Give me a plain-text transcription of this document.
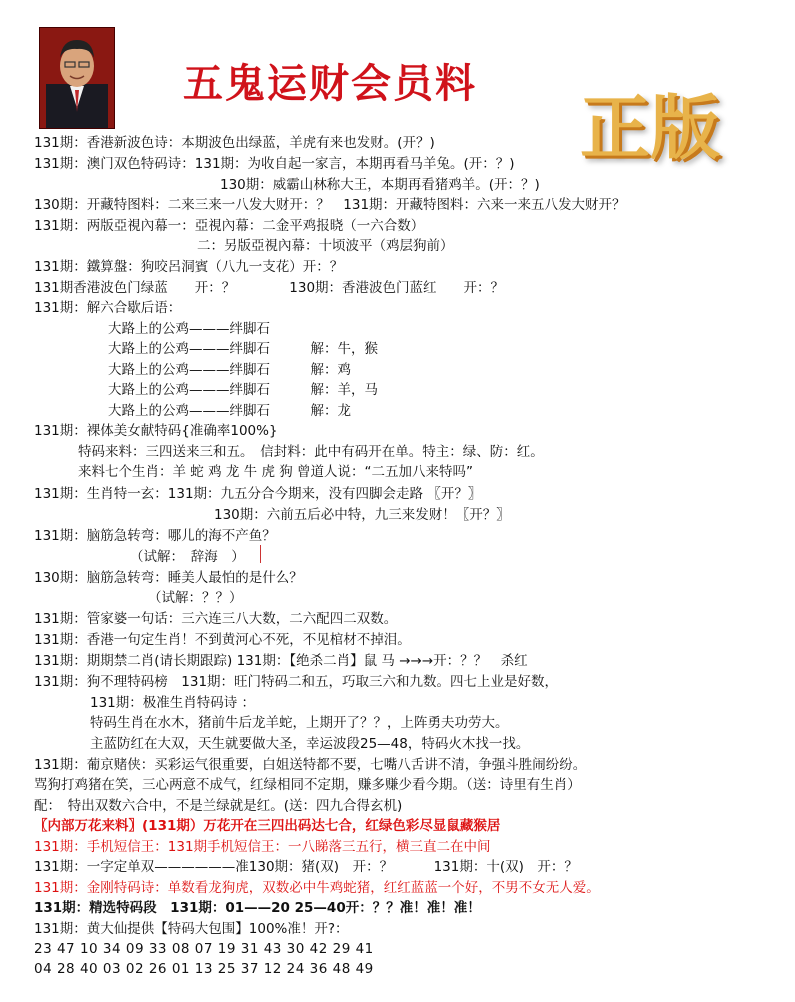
五鬼运财会员料
正版
131期：香港新波色诗：本期波色出绿蓝，羊虎有来也发财。(开？)
131期：澳门双色特码诗：131期：为收自起一家言，本期再看马羊兔。(开：？)
130期：威霸山林称大王，本期再看猪鸡羊。(开：？)
130期：开藏特图料：二来三来一八发大财开：？　131期：开藏特图料：六来一来五八发大财开？
131期：两版亞視內幕一：亞視內幕：二金平鸡报晓（一六合数）
二：另版亞視內幕：十顷波平（鸡层狗前）
131期：鐵算盤：狗咬呂洞賓（八九一支花）开：？
131期香港波色门绿蓝　　开：？　　　　130期：香港波色门蓝红　　开：？
131期：解六合歇后语：
大路上的公鸡———绊脚石
大路上的公鸡———绊脚石　　　解：牛，猴
大路上的公鸡———绊脚石　　　解：鸡
大路上的公鸡———绊脚石　　　解：羊，马
大路上的公鸡———绊脚石　　　解：龙
131期：裸体美女献特码{准确率100%}
特码来料：三四送来三和五。　信封料：此中有码开在单。特主：绿、防：红。
来料七个生肖：羊 蛇 鸡 龙 牛 虎 狗 曾道人说：“二五加八来特吗”
131期：生肖特一玄：131期：九五分合今期来，没有四脚会走路 〖开？〗
130期：六前五后必中特，九三来发财！〖开？〗
131期：脑筋急转弯：哪儿的海不产鱼？
（试解：　辞海　）
130期：脑筋急转弯：睡美人最怕的是什么？
（试解：？？）
131期：管家婆一句话：三六连三八大数，二六配四二双数。
131期：香港一句定生肖！不到黄河心不死，不见棺材不掉泪。
131期：期期禁二肖(请长期跟踪) 131期：【绝杀二肖】鼠 马 →→→开：？？　杀红
131期：狗不理特码榜　131期：旺门特码二和五，巧取三六和九数。四七上业是好数，
131期：极准生肖特码诗 ：
特码生肖在水木，猪前牛后龙羊蛇，上期开了？？，上阵勇夫功劳大。
主蓝防红在大双，天生就要做大圣，幸运波段25—48，特码火木找一找。
131期：葡京赌侠：买彩运气很重要，白姐送特都不要，七嘴八舌讲不清，争强斗胜闹纷纷。
骂狗打鸡猪在笑，三心两意不成气，红绿相同不定期，赚多赚少看今期。（送：诗里有生肖）
配：　特出双数六合中，不是兰绿就是红。(送：四九合得玄机)
〖内部万花来料〗(131期）万花开在三四出码达七合，红绿色彩尽显鼠藏猴居
131期：手机短信王：131期手机短信王：一八睇落三五行，横三直二在中间
131期：一字定单双——————准130期：猪(双)　开：？　　　131期：十(双)　开：？
131期：金刚特码诗：单数看龙狗虎，双数必中牛鸡蛇猪，红红蓝蓝一个好，不男不女无人爱。
131期：精选特码段　131期：01——20 25—40开：？？准！准！准！
131期：黄大仙提供【特码大包围】100%准！开?：
23 47 10 34 09 33 08 07 19 31 43 30 42 29 41
04 28 40 03 02 26 01 13 25 37 12 24 36 48 49
